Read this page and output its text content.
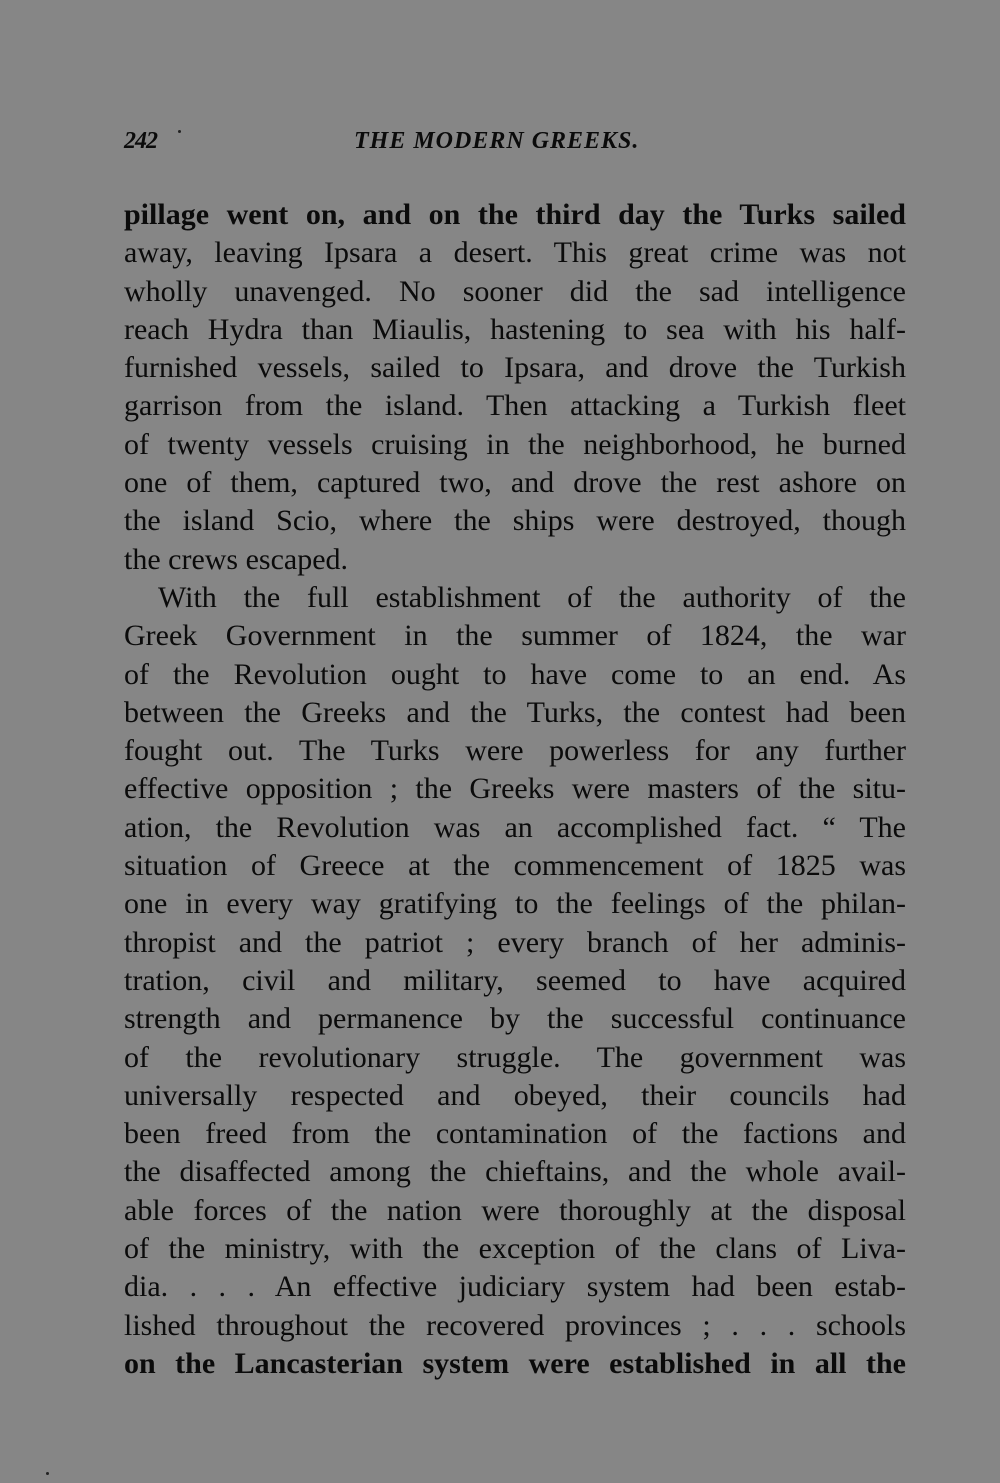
242	THE MODERN GREEKS.
pillage went on, and on the third day the Turks sailed
away, leaving Ipsara a desert. This great crime was not
wholly unavenged. No sooner did the sad intelligence
reach Hydra than Miaulis, hastening to sea with his half-
furnished vessels, sailed to Ipsara, and drove the Turkish
garrison from the island. Then attacking a Turkish fleet
of twenty vessels cruising in the neighborhood, he burned
one of them, captured two, and drove the rest ashore on
the island Scio, where the ships were destroyed, though
the crews escaped.
With the full establishment of the authority of the
Greek Government in the summer of 1824, the war
of the Revolution ought to have come to an end. As
between the Greeks and the Turks, the contest had been
fought out. The Turks were powerless for any further
effective opposition ; the Greeks were masters of the situ-
ation, the Revolution was an accomplished fact. “ The
situation of Greece at the commencement of 1825 was
one in every way gratifying to the feelings of the philan-
thropist and the patriot ; every branch of her adminis-
tration, civil and military, seemed to have acquired
strength and permanence by the successful continuance
of the revolutionary struggle. The government was
universally respected and obeyed, their councils had
been freed from the contamination of the factions and
the disaffected among the chieftains, and the whole avail-
able forces of the nation were thoroughly at the disposal
of the ministry, with the exception of the clans of Liva-
dia. . . . An effective judiciary system had been estab-
lished throughout the recovered provinces ; . . . schools
on the Lancasterian system were established in all the
